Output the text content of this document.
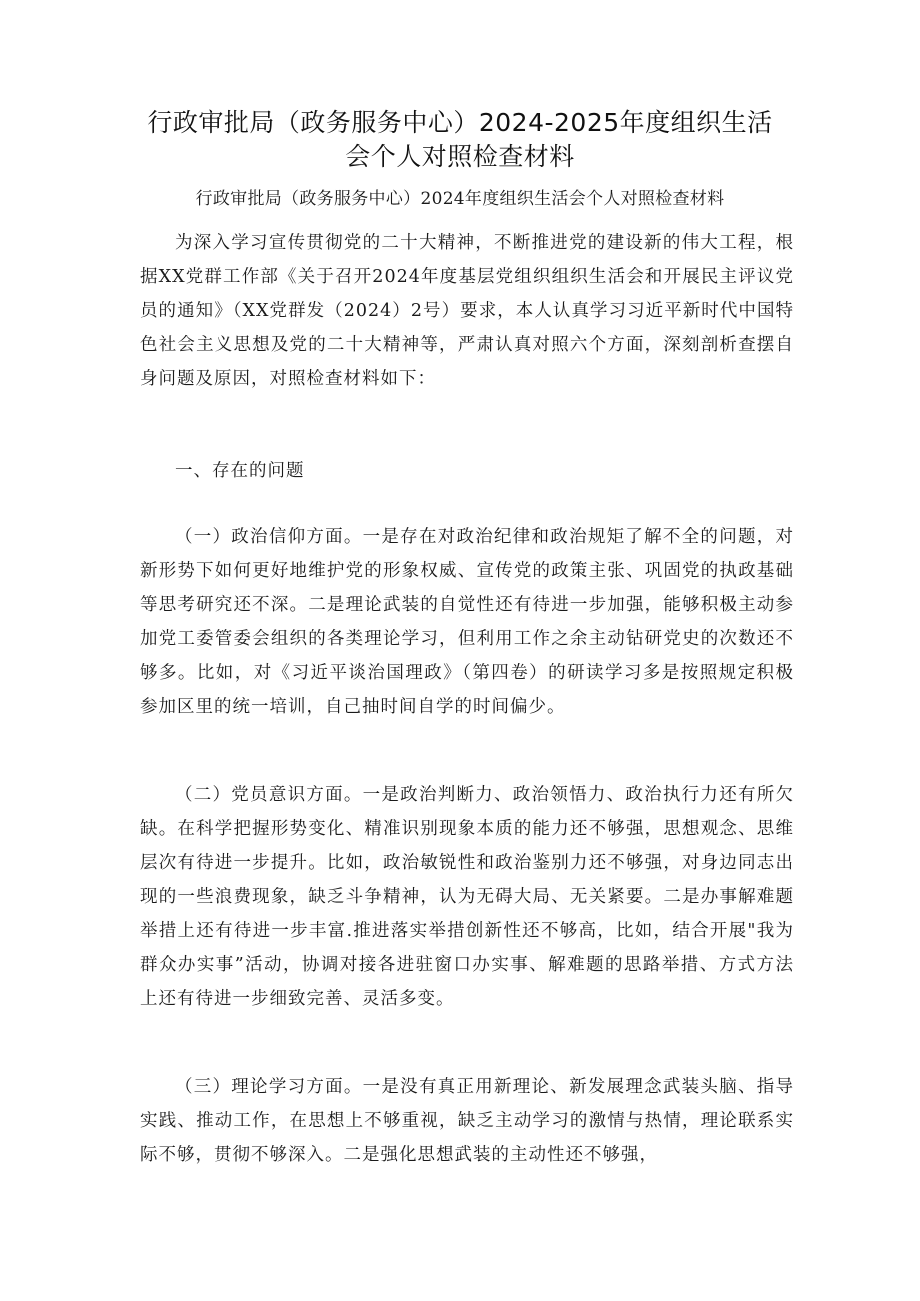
行政审批局（政务服务中心）2024-2025年度组织生活会个人对照检查材料
行政审批局（政务服务中心）2024年度组织生活会个人对照检查材料

为深入学习宣传贯彻党的二十大精神，不断推进党的建设新的伟大工程，根据XX党群工作部《关于召开2024年度基层党组织组织生活会和开展民主评议党员的通知》（XX党群发（2024）2号）要求，本人认真学习习近平新时代中国特色社会主义思想及党的二十大精神等，严肃认真对照六个方面，深刻剖析查摆自身问题及原因，对照检查材料如下：

一、存在的问题

（一）政治信仰方面。一是存在对政治纪律和政治规矩了解不全的问题，对新形势下如何更好地维护党的形象权威、宣传党的政策主张、巩固党的执政基础等思考研究还不深。二是理论武装的自觉性还有待进一步加强，能够积极主动参加党工委管委会组织的各类理论学习，但利用工作之余主动钻研党史的次数还不够多。比如，对《习近平谈治国理政》（第四卷）的研读学习多是按照规定积极参加区里的统一培训，自己抽时间自学的时间偏少。

（二）党员意识方面。一是政治判断力、政治领悟力、政治执行力还有所欠缺。在科学把握形势变化、精准识别现象本质的能力还不够强，思想观念、思维层次有待进一步提升。比如，政治敏锐性和政治鉴别力还不够强，对身边同志出现的一些浪费现象，缺乏斗争精神，认为无碍大局、无关紧要。二是办事解难题举措上还有待进一步丰富.推进落实举措创新性还不够高，比如，结合开展"我为群众办实事”活动，协调对接各进驻窗口办实事、解难题的思路举措、方式方法上还有待进一步细致完善、灵活多变。

（三）理论学习方面。一是没有真正用新理论、新发展理念武装头脑、指导实践、推动工作，在思想上不够重视，缺乏主动学习的激情与热情，理论联系实际不够，贯彻不够深入。二是强化思想武装的主动性还不够强，
